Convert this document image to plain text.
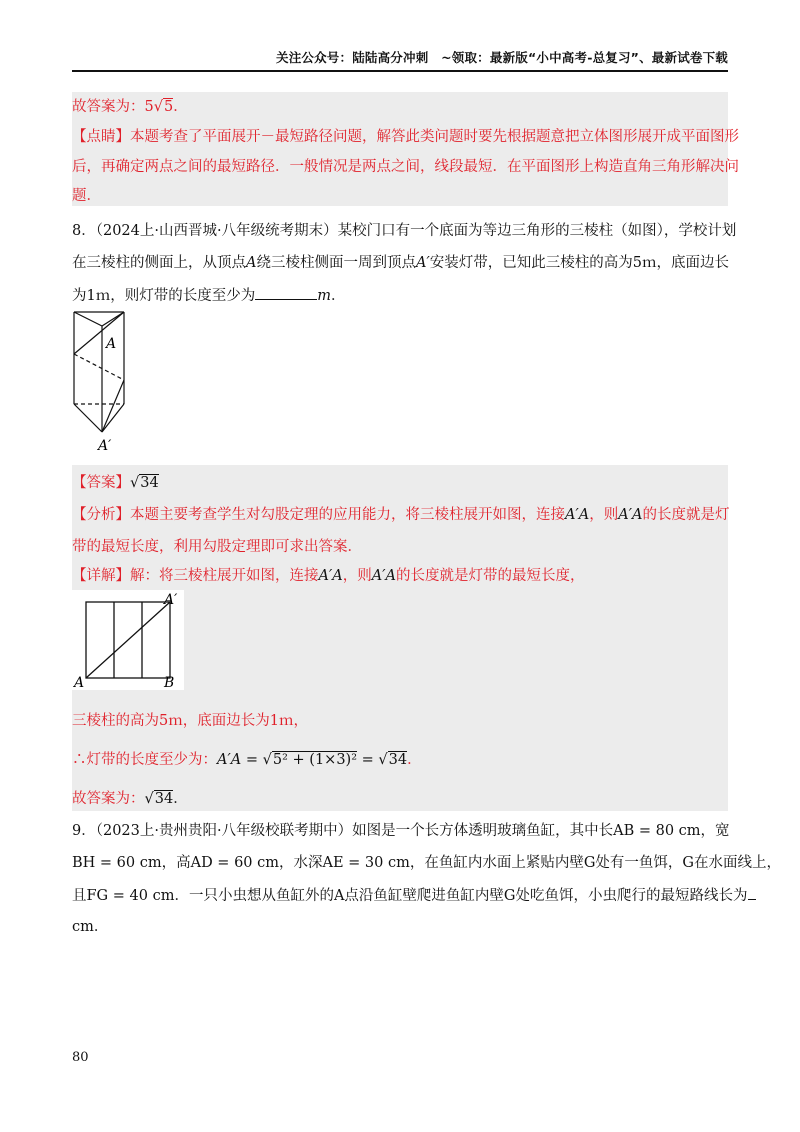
关注公众号：陆陆高分冲刺　~领取：最新版“小中高考-总复习”、最新试卷下载
故答案为：5√5．
【点睛】本题考查了平面展开－最短路径问题，解答此类问题时要先根据题意把立体图形展开成平面图形
后，再确定两点之间的最短路径．一般情况是两点之间，线段最短．在平面图形上构造直角三角形解决问
题．
8．（2024上·山西晋城·八年级统考期末）某校门口有一个底面为等边三角形的三棱柱（如图），学校计划
在三棱柱的侧面上，从顶点A绕三棱柱侧面一周到顶点A′安装灯带，已知此三棱柱的高为5ｍ，底面边长
为1ｍ，则灯带的长度至少为	m．
A
A′
【答案】√34
【分析】本题主要考查学生对勾股定理的应用能力，将三棱柱展开如图，连接A′A，则A′A的长度就是灯
带的最短长度，利用勾股定理即可求出答案．
【详解】解：将三棱柱展开如图，连接A′A，则A′A的长度就是灯带的最短长度，
A	B
A′
三棱柱的高为5ｍ，底面边长为1ｍ，
∴灯带的长度至少为：A′A = √5² + (1×3)² = √34．
故答案为：√34．
9．（2023上·贵州贵阳·八年级校联考期中）如图是一个长方体透明玻璃鱼缸，其中长AB = 80 cm，宽
BH = 60 cm，高AD = 60 cm，水深AE = 30 cm，在鱼缸内水面上紧贴内壁G处有一鱼饵，G在水面线上，
且FG = 40 cm．一只小虫想从鱼缸外的A点沿鱼缸壁爬进鱼缸内壁G处吃鱼饵，小虫爬行的最短路线长为
cm．
80
